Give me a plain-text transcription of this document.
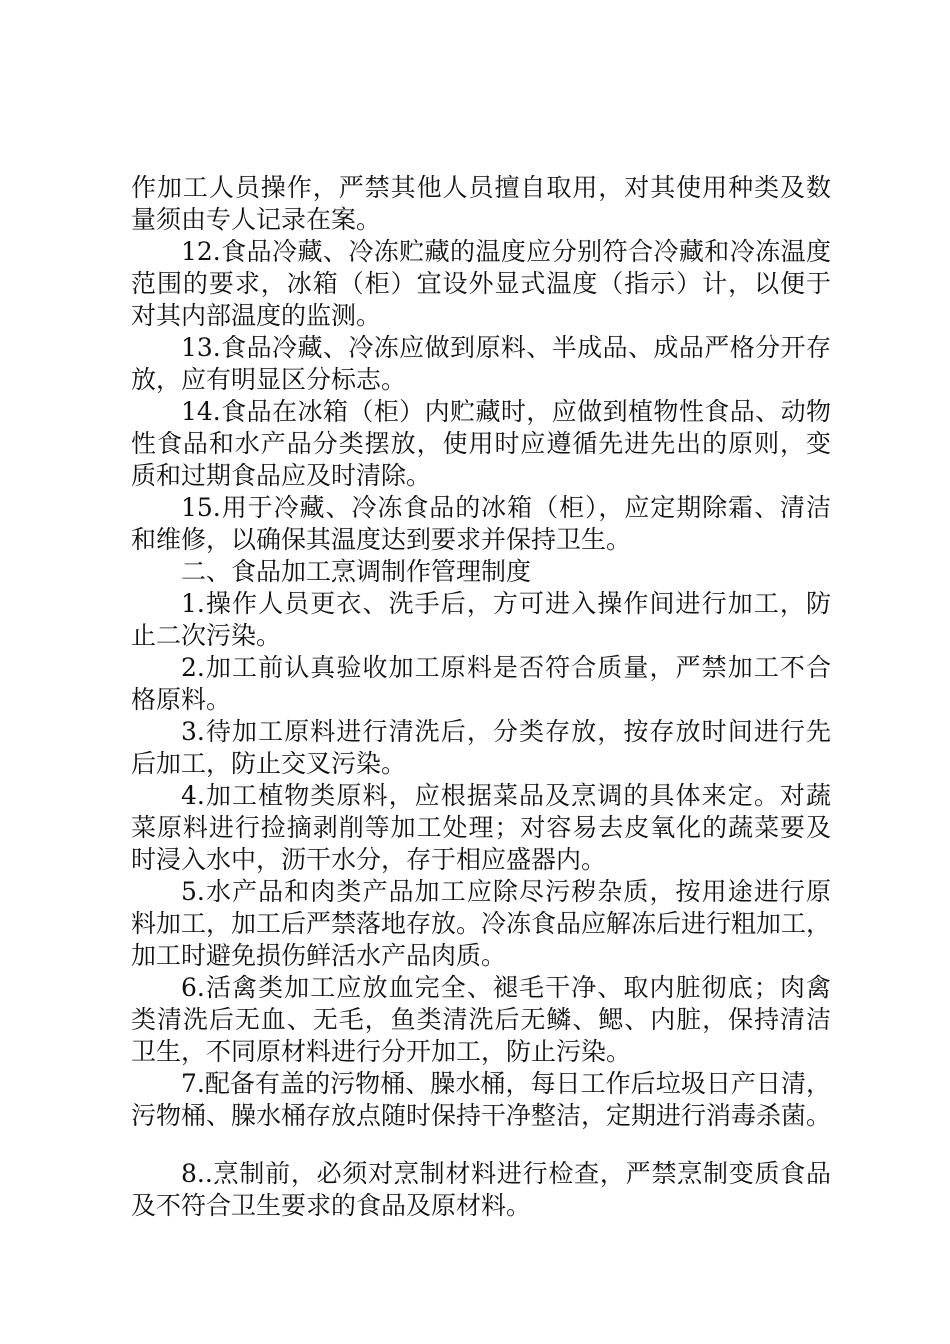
作加工人员操作，严禁其他人员擅自取用，对其使用种类及数
量须由专人记录在案。
12.食品冷藏、冷冻贮藏的温度应分别符合冷藏和冷冻温度
范围的要求，冰箱（柜）宜设外显式温度（指示）计，以便于
对其内部温度的监测。
13.食品冷藏、冷冻应做到原料、半成品、成品严格分开存
放，应有明显区分标志。
14.食品在冰箱（柜）内贮藏时，应做到植物性食品、动物
性食品和水产品分类摆放，使用时应遵循先进先出的原则，变
质和过期食品应及时清除。
15.用于冷藏、冷冻食品的冰箱（柜），应定期除霜、清洁
和维修，以确保其温度达到要求并保持卫生。
二、食品加工烹调制作管理制度
1.操作人员更衣、洗手后，方可进入操作间进行加工，防
止二次污染。
2.加工前认真验收加工原料是否符合质量，严禁加工不合
格原料。
3.待加工原料进行清洗后，分类存放，按存放时间进行先
后加工，防止交叉污染。
4.加工植物类原料，应根据菜品及烹调的具体来定。对蔬
菜原料进行捡摘剥削等加工处理；对容易去皮氧化的蔬菜要及
时浸入水中，沥干水分，存于相应盛器内。
5.水产品和肉类产品加工应除尽污秽杂质，按用途进行原
料加工，加工后严禁落地存放。冷冻食品应解冻后进行粗加工，
加工时避免损伤鲜活水产品肉质。
6.活禽类加工应放血完全、褪毛干净、取内脏彻底；肉禽
类清洗后无血、无毛，鱼类清洗后无鳞、鳃、内脏，保持清洁
卫生，不同原材料进行分开加工，防止污染。
7.配备有盖的污物桶、臊水桶，每日工作后垃圾日产日清，
污物桶、臊水桶存放点随时保持干净整洁，定期进行消毒杀菌。
8..烹制前，必须对烹制材料进行检查，严禁烹制变质食品
及不符合卫生要求的食品及原材料。
